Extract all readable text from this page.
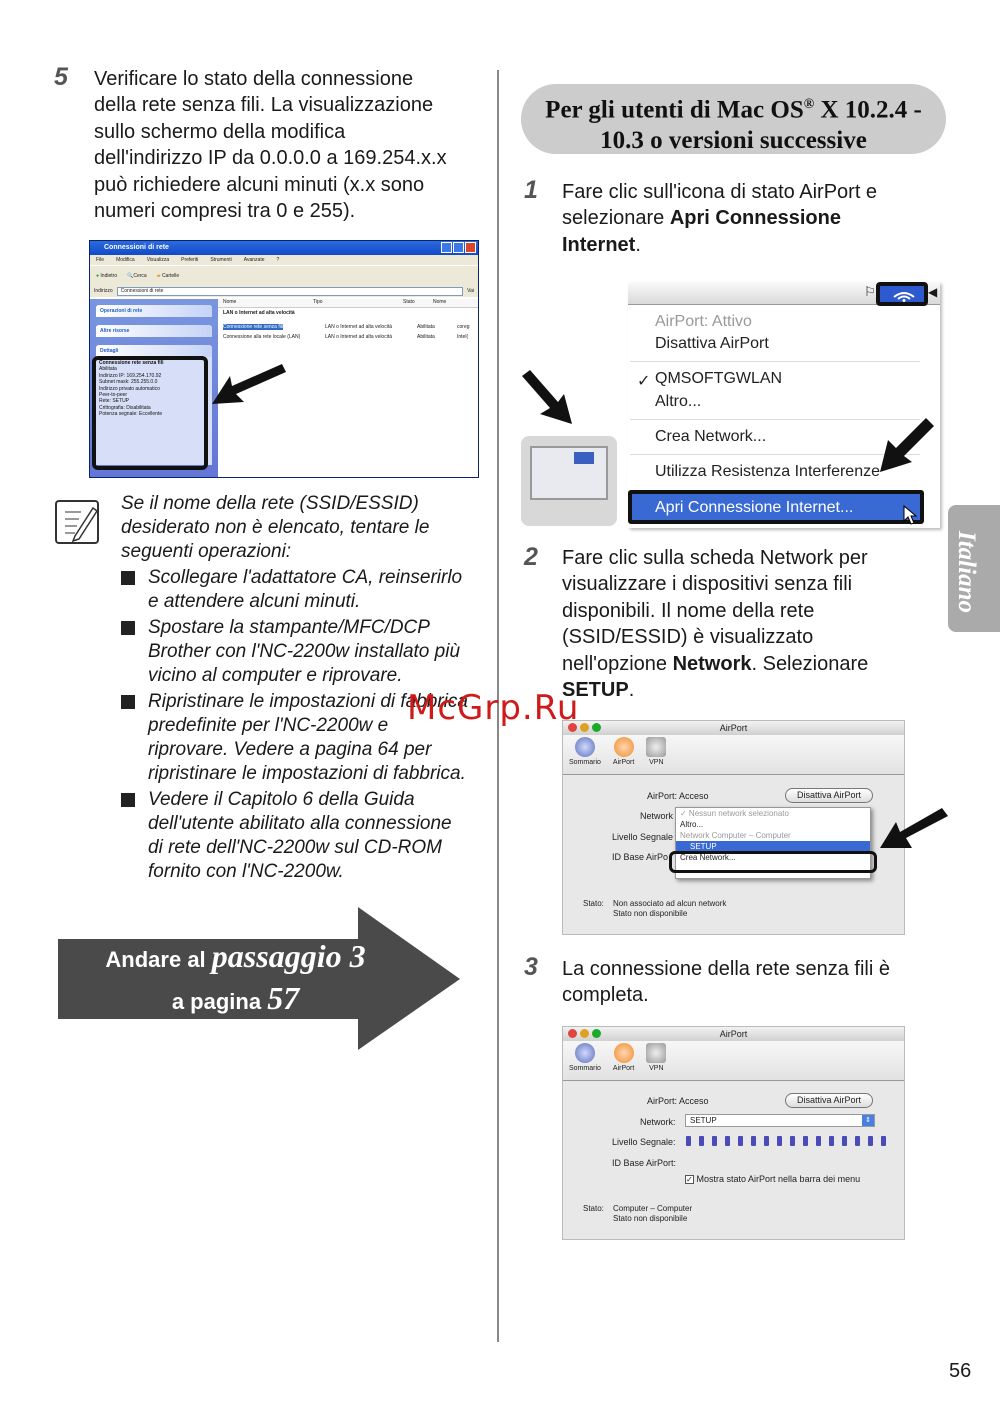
5 Verificare lo stato della connessione
della rete senza fili. La visualizzazione
sullo schermo della modifica
dell'indirizzo IP da 0.0.0.0 a 169.254.x.x
può richiedere alcuni minuti (x.x sono
numeri compresi tra 0 e 255).
Connessioni di rete
File Modifica Visualizza Preferiti Strumenti Avanzate ?
● Indietro 🔍Cerca ▰ Cartelle
Indirizzo	Connessioni di rete	Vai
Operazioni di rete
Altre risorse
Dettagli
Connessione rete senza fili
Abilitata
Indirizzo IP: 169.254.170.92
Subnet mask: 255.255.0.0
Indirizzo privato automatico
Peer-to-peer
Rete: SETUP
Crittografia: Disabilitata
Potenza segnale: Eccellente
Nome	Tipo	Stato	Nome
LAN o Internet ad alta velocità
Connessione rete senza fili	LAN o Internet ad alta velocità	Abilitata	coreg
Connessione alla rete locale (LAN)	LAN o Internet ad alta velocità	Abilitata	Intel(
Se il nome della rete (SSID/ESSID)
desiderato non è elencato, tentare le
seguenti operazioni:
Scollegare l'adattatore CA, reinserirlo
e attendere alcuni minuti.
Spostare la stampante/MFC/DCP
Brother con l'NC-2200w installato più
vicino al computer e riprovare.
Ripristinare le impostazioni di fabbrica
predefinite per l'NC-2200w e
riprovare. Vedere a pagina 64 per
ripristinare le impostazioni di fabbrica.
Vedere il Capitolo 6 della Guida
dell'utente abilitato alla connessione
di rete dell'NC-2200w sul CD-ROM
fornito con l'NC-2200w.
Andare al passaggio 3
a pagina 57
Per gli utenti di Mac OS® X 10.2.4 -
10.3 o versioni successive
1 Fare clic sull'icona di stato AirPort e
selezionare Apri Connessione
Internet.
⚐	◀
AirPort: Attivo
Disattiva AirPort
✓ QMSOFTGWLAN
Altro...
Crea Network...
Utilizza Resistenza Interferenze
Apri Connessione Internet...
2 Fare clic sulla scheda Network per
visualizzare i dispositivi senza fili
disponibili. Il nome della rete
(SSID/ESSID) è visualizzato
nell'opzione Network. Selezionare
SETUP.
AirPort
Sommario AirPort VPN
AirPort: Acceso	Disattiva AirPort
Network
Livello Segnale
ID Base AirPo
✓ Nessun network selezionato
Altro...
Network Computer – Computer
SETUP
Crea Network...
Stato: Non associato ad alcun network
Stato non disponibile
3 La connessione della rete senza fili è
completa.
AirPort
Sommario AirPort VPN
AirPort: Acceso	Disattiva AirPort
Network:	SETUP	⇕
Livello Segnale:
ID Base AirPort:
✓ Mostra stato AirPort nella barra dei menu
Stato: Computer – Computer
Stato non disponibile
Italiano
56
McGrp.Ru
